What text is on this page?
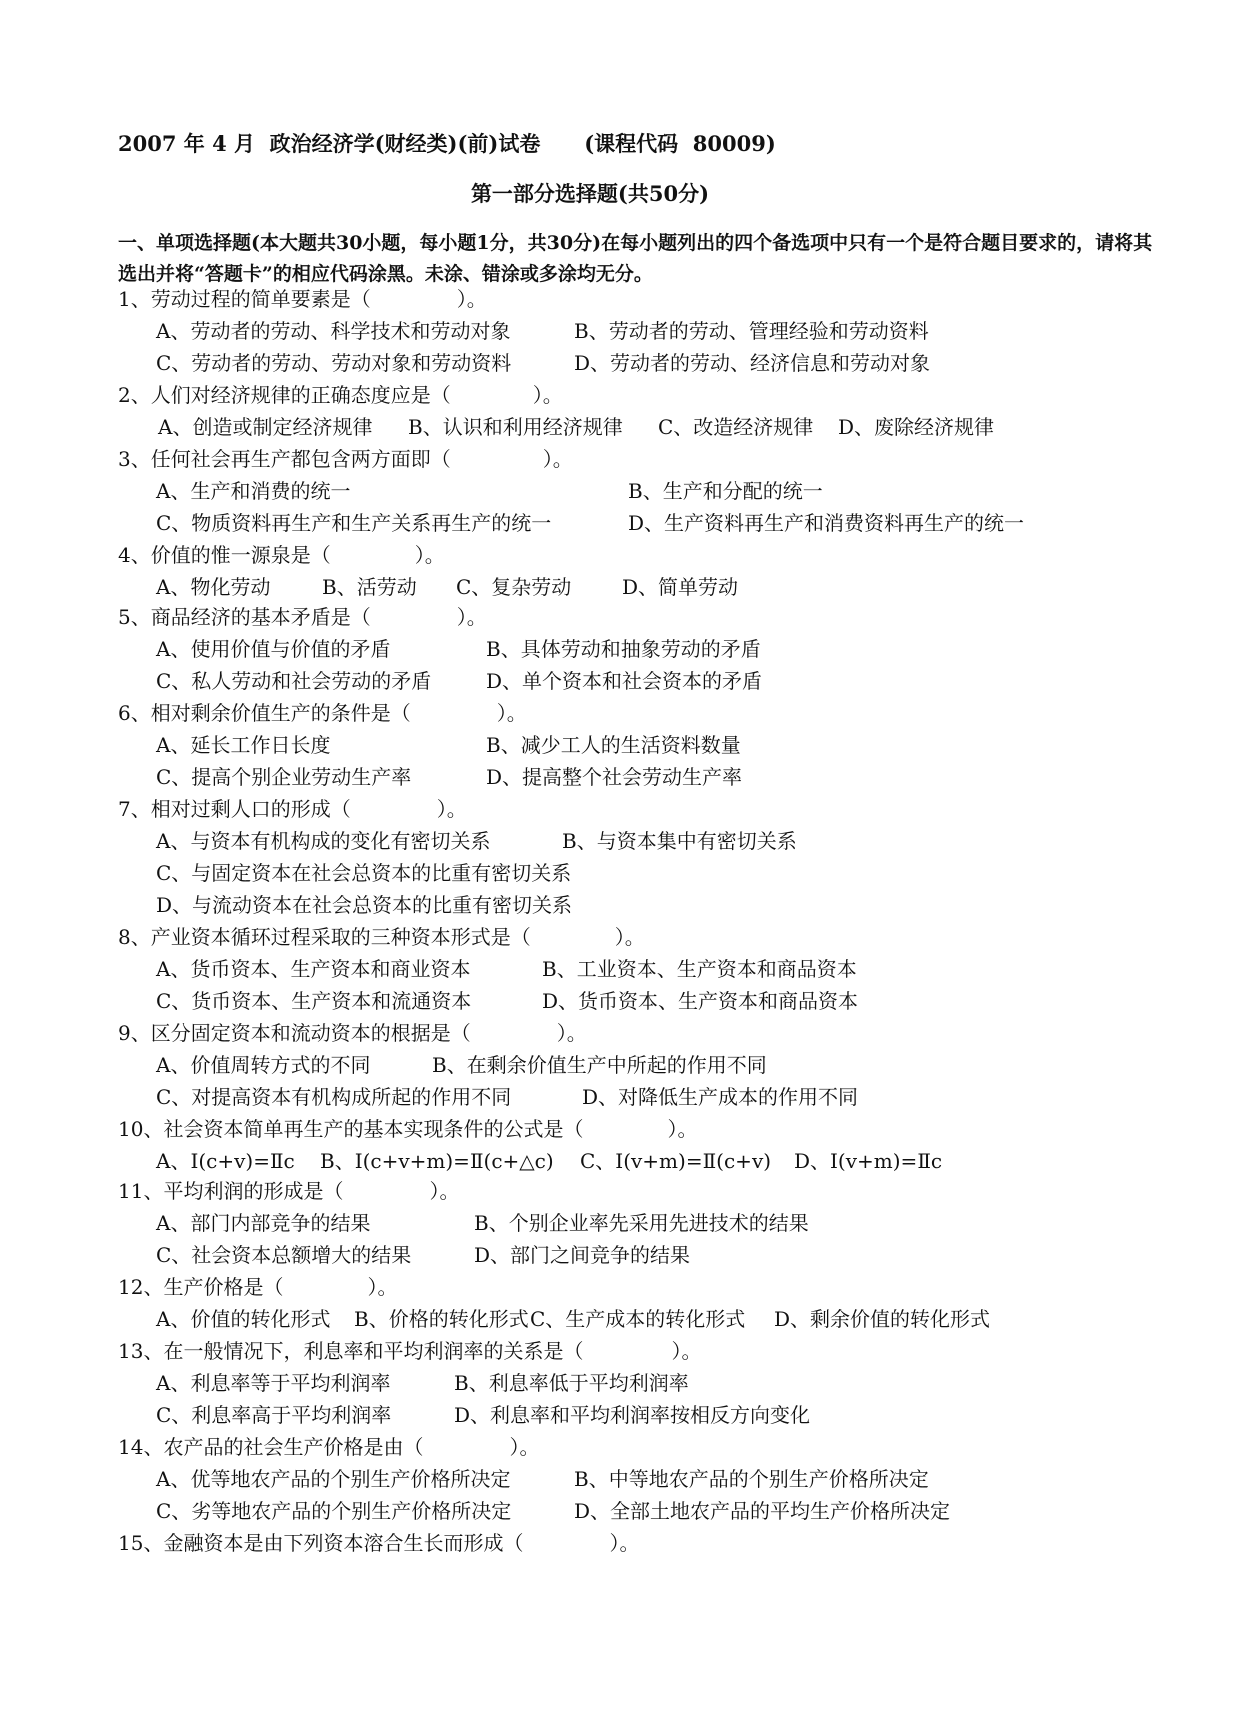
2007 年 4 月  政治经济学(财经类)(前)试卷      (课程代码  80009)
第一部分选择题(共50分)
一、单项选择题(本大题共30小题，每小题1分，共30分)在每小题列出的四个备选项中只有一个是符合题目要求的，请将其选出并将“答题卡”的相应代码涂黑。未涂、错涂或多涂均无分。
1、劳动过程的简单要素是（	）。
A、劳动者的劳动、科学技术和劳动对象	B、劳动者的劳动、管理经验和劳动资料
C、劳动者的劳动、劳动对象和劳动资料	D、劳动者的劳动、经济信息和劳动对象
2、人们对经济规律的正确态度应是（	）。
A、创造或制定经济规律 B、认识和利用经济规律 C、改造经济规律 D、废除经济规律
3、任何社会再生产都包含两方面即（	）。
A、生产和消费的统一	B、生产和分配的统一
C、物质资料再生产和生产关系再生产的统一	D、生产资料再生产和消费资料再生产的统一
4、价值的惟一源泉是（	）。
A、物化劳动	B、活劳动 C、复杂劳动	D、简单劳动
5、商品经济的基本矛盾是（	）。
A、使用价值与价值的矛盾	B、具体劳动和抽象劳动的矛盾
C、私人劳动和社会劳动的矛盾	D、单个资本和社会资本的矛盾
6、相对剩余价值生产的条件是（	）。
A、延长工作日长度	B、减少工人的生活资料数量
C、提高个别企业劳动生产率	D、提高整个社会劳动生产率
7、相对过剩人口的形成（	）。
A、与资本有机构成的变化有密切关系	B、与资本集中有密切关系
C、与固定资本在社会总资本的比重有密切关系
D、与流动资本在社会总资本的比重有密切关系
8、产业资本循环过程采取的三种资本形式是（	）。
A、货币资本、生产资本和商业资本	B、工业资本、生产资本和商品资本
C、货币资本、生产资本和流通资本	D、货币资本、生产资本和商品资本
9、区分固定资本和流动资本的根据是（	）。
A、价值周转方式的不同	B、在剩余价值生产中所起的作用不同
C、对提高资本有机构成所起的作用不同	D、对降低生产成本的作用不同
10、社会资本简单再生产的基本实现条件的公式是（	）。
A、I(c+v)=Ⅱc B、I(c+v+m)=Ⅱ(c+△c) C、I(v+m)=Ⅱ(c+v) D、I(v+m)=Ⅱc
11、平均利润的形成是（	）。
A、部门内部竞争的结果	B、个别企业率先采用先进技术的结果
C、社会资本总额增大的结果	D、部门之间竞争的结果
12、生产价格是（	）。
A、价值的转化形式 B、价格的转化形式 C、生产成本的转化形式 D、剩余价值的转化形式
13、在一般情况下，利息率和平均利润率的关系是（	）。
A、利息率等于平均利润率	B、利息率低于平均利润率
C、利息率高于平均利润率	D、利息率和平均利润率按相反方向变化
14、农产品的社会生产价格是由（	）。
A、优等地农产品的个别生产价格所决定	B、中等地农产品的个别生产价格所决定
C、劣等地农产品的个别生产价格所决定	D、全部土地农产品的平均生产价格所决定
15、金融资本是由下列资本溶合生长而形成（	）。
